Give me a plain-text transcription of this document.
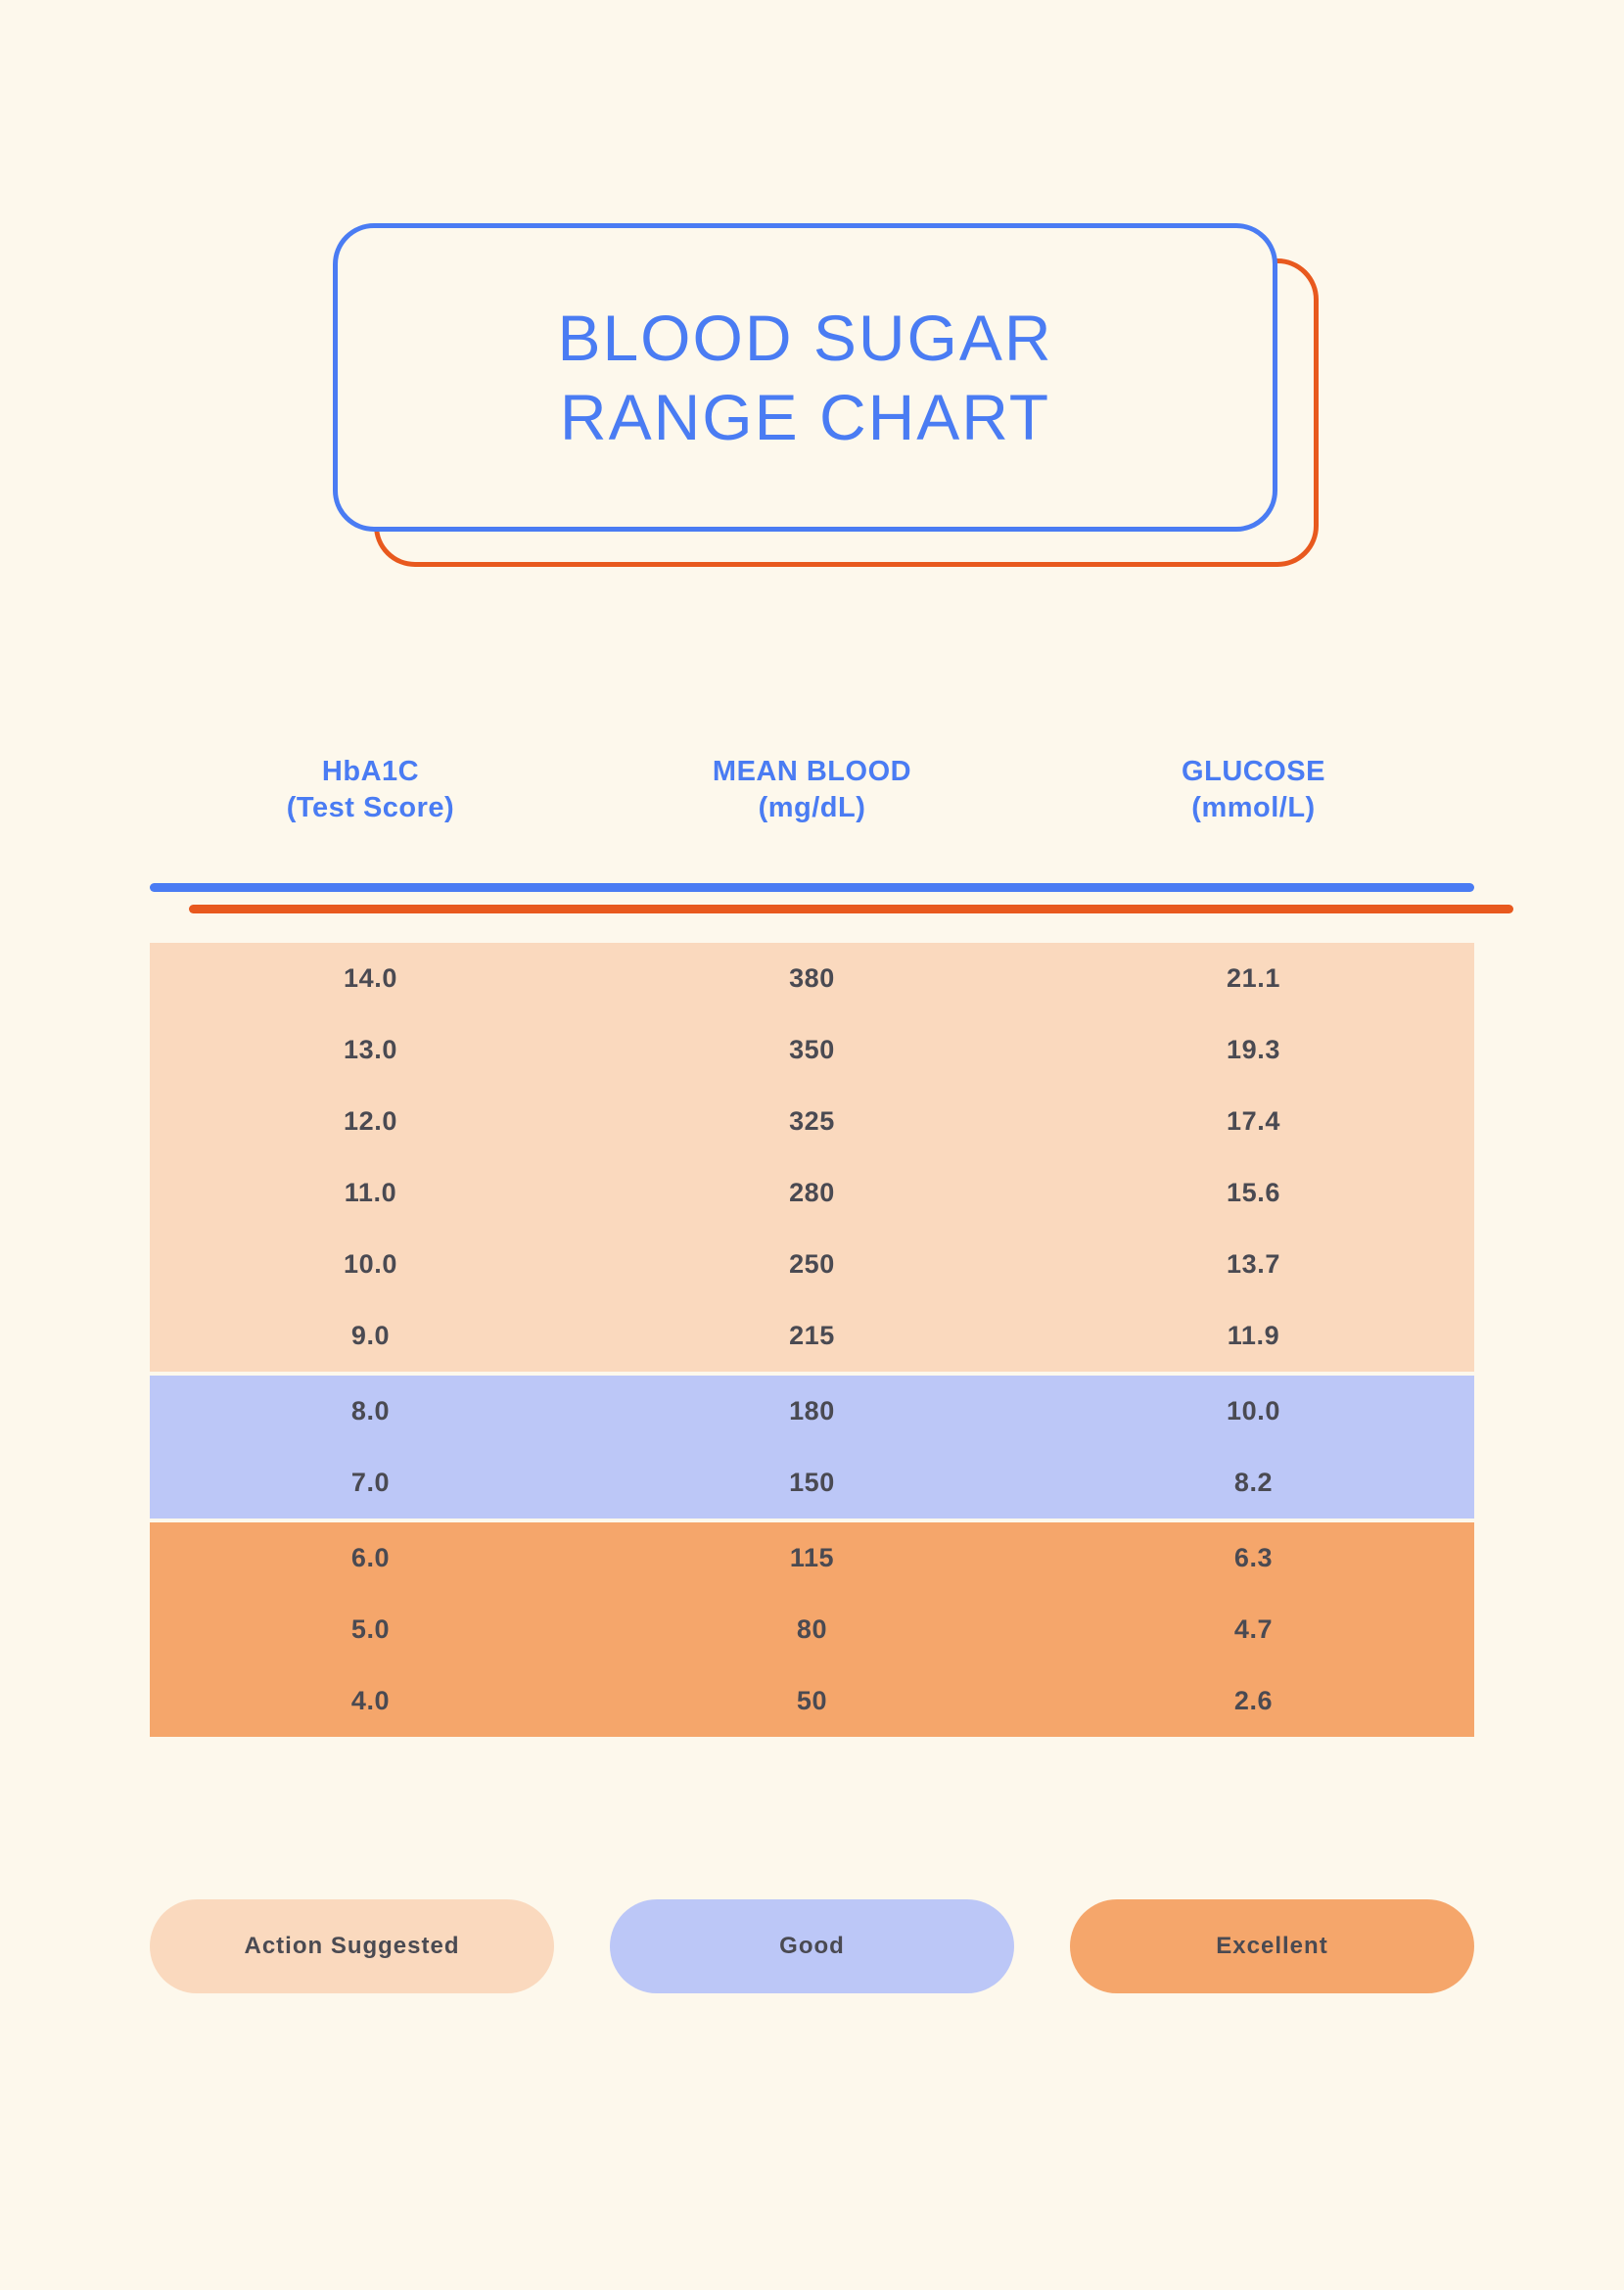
BLOOD SUGAR
RANGE CHART
HbA1C
(Test Score)
MEAN BLOOD
(mg/dL)
GLUCOSE
(mmol/L)
14.0	380	21.1
13.0	350	19.3
12.0	325	17.4
11.0	280	15.6
10.0	250	13.7
9.0	215	11.9
8.0	180	10.0
7.0	150	8.2
6.0	115	6.3
5.0	80	4.7
4.0	50	2.6
Action Suggested	Good	Excellent
